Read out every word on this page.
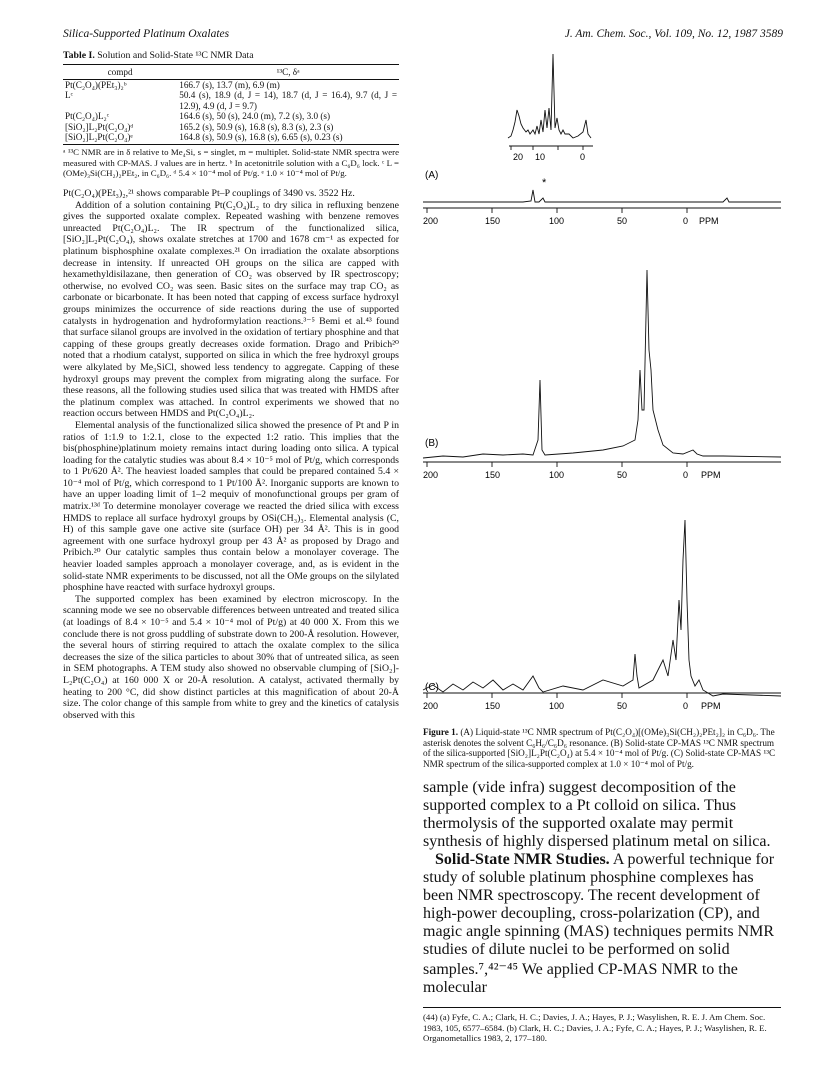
Silica-Supported Platinum Oxalates	J. Am. Chem. Soc., Vol. 109, No. 12, 1987 3589
Table I. Solution and Solid-State ¹³C NMR Data
compd	¹³C, δᵃ
Pt(C₂O₄)(PEt₃)₂ᵇ	166.7 (s), 13.7 (m), 6.9 (m)
Lᶜ	50.4 (s), 18.9 (d, J = 14), 18.7 (d, J = 16.4), 9.7 (d, J = 12.9), 4.9 (d, J = 9.7)
Pt(C₂O₄)L₂ᶜ	164.6 (s), 50 (s), 24.0 (m), 7.2 (s), 3.0 (s)
[SiO₂]L₂Pt(C₂O₄)ᵈ	165.2 (s), 50.9 (s), 16.8 (s), 8.3 (s), 2.3 (s)
[SiO₂]L₂Pt(C₂O₄)ᵉ	164.8 (s), 50.9 (s), 16.8 (s), 6.65 (s), 0.23 (s)
ᵃ ¹³C NMR are in δ relative to Me₄Si, s = singlet, m = multiplet. Solid-state NMR spectra were measured with CP-MAS. J values are in hertz. ᵇ In acetonitrile solution with a C₆D₆ lock. ᶜ L = (OMe)₃Si(CH₂)₂PEt₂, in C₆D₆. ᵈ 5.4 × 10⁻⁴ mol of Pt/g. ᵉ 1.0 × 10⁻⁴ mol of Pt/g.

Pt(C₂O₄)(PEt₃)₂,²¹ shows comparable Pt–P couplings of 3490 vs. 3522 Hz.

Addition of a solution containing Pt(C₂O₄)L₂ to dry silica in refluxing benzene gives the supported oxalate complex. Repeated washing with benzene removes unreacted Pt(C₂O₄)L₂. The IR spectrum of the functionalized silica, [SiO₂]L₂Pt(C₂O₄), shows oxalate stretches at 1700 and 1678 cm⁻¹ as expected for platinum bisphosphine oxalate complexes.²¹ On irradiation the oxalate absorptions decrease in intensity. If unreacted OH groups on the silica are capped with hexamethyldisilazane, then generation of CO₂ was observed by IR spectroscopy; otherwise, no evolved CO₂ was seen. Basic sites on the surface may trap CO₂ as carbonate or bicarbonate. It has been noted that capping of excess surface hydroxyl groups minimizes the occurrence of side reactions during the use of supported catalysts in hydrogenation and hydroformylation reactions.³⁻⁵ Bemi et al.⁴³ found that surface silanol groups are involved in the oxidation of tertiary phosphine and that capping of these groups greatly decreases oxide formation. Drago and Pribich²⁰ noted that a rhodium catalyst, supported on silica in which the free hydroxyl groups were alkylated by Me₃SiCl, showed less tendency to aggregate. Capping of these hydroxyl groups may prevent the complex from migrating along the surface. For these reasons, all the following studies used silica that was treated with HMDS after the platinum complex was attached. In control experiments we showed that no reaction occurs between HMDS and Pt(C₂O₄)L₂.

Elemental analysis of the functionalized silica showed the presence of Pt and P in ratios of 1:1.9 to 1:2.1, close to the expected 1:2 ratio. This implies that the bis(phosphine)platinum moiety remains intact during loading onto silica. A typical loading for the catalytic studies was about 8.4 × 10⁻⁵ mol of Pt/g, which corresponds to 1 Pt/620 Å². The heaviest loaded samples that could be prepared contained 5.4 × 10⁻⁴ mol of Pt/g, which correspond to 1 Pt/100 Å². Inorganic supports are known to have an upper loading limit of 1–2 mequiv of monofunctional groups per gram of matrix.¹³ᵈ To determine monolayer coverage we reacted the dried silica with excess HMDS to replace all surface hydroxyl groups by OSi(CH₃)₃. Elemental analysis (C, H) of this sample gave one active site (surface OH) per 34 Å². This is in good agreement with one surface hydroxyl group per 43 Å² as proposed by Drago and Pribich.²⁰ Our catalytic samples thus contain below a monolayer coverage. The heavier loaded samples approach a monolayer coverage, and, as is evident in the solid-state NMR experiments to be discussed, not all the OMe groups on the silylated phosphine have reacted with surface hydroxyl groups.

The supported complex has been examined by electron microscopy. In the scanning mode we see no observable differences between untreated and treated silica (at loadings of 8.4 × 10⁻⁵ and 5.4 × 10⁻⁴ mol of Pt/g) at 40 000 X. From this we conclude there is not gross puddling of substrate down to 200-Å resolution. However, the several hours of stirring required to attach the oxalate complex to the silica decreases the size of the silica particles to about 30% that of untreated silica, as seen in SEM photographs. A TEM study also showed no observable clumping of [SiO₂]-L₂Pt(C₂O₄) at 160 000 X or 20-Å resolution. A catalyst, activated thermally by heating to 200 °C, did show distinct particles at this magnification of about 20-Å size. The color change of this sample from white to grey and the kinetics of catalysis observed with this

20 10	0
(A)
*
200	150	100	50	0 PPM
(B)
200	150	100	50	0 PPM
(C)
200	150	100	50	0 PPM
Figure 1. (A) Liquid-state ¹³C NMR spectrum of Pt(C₂O₄)[(OMe)₃Si(CH₂)₂PEt₂]₂ in C₆D₆. The asterisk denotes the solvent C₆H₆/C₆D₆ resonance. (B) Solid-state CP-MAS ¹³C NMR spectrum of the silica-supported [SiO₂]L₂Pt(C₂O₄) at 5.4 × 10⁻⁴ mol of Pt/g. (C) Solid-state CP-MAS ¹³C NMR spectrum of the silica-supported complex at 1.0 × 10⁻⁴ mol of Pt/g.

sample (vide infra) suggest decomposition of the supported complex to a Pt colloid on silica. Thus thermolysis of the supported oxalate may permit synthesis of highly dispersed platinum metal on silica.

Solid-State NMR Studies. A powerful technique for study of soluble platinum phosphine complexes has been NMR spectroscopy. The recent development of high-power decoupling, cross-polarization (CP), and magic angle spinning (MAS) techniques permits NMR studies of dilute nuclei to be performed on solid samples.⁷,⁴²⁻⁴⁵ We applied CP-MAS NMR to the molecular

(44) (a) Fyfe, C. A.; Clark, H. C.; Davies, J. A.; Hayes, P. J.; Wasylishen, R. E. J. Am Chem. Soc. 1983, 105, 6577–6584. (b) Clark, H. C.; Davies, J. A.; Fyfe, C. A.; Hayes, P. J.; Wasylishen, R. E. Organometallics 1983, 2, 177–180.
